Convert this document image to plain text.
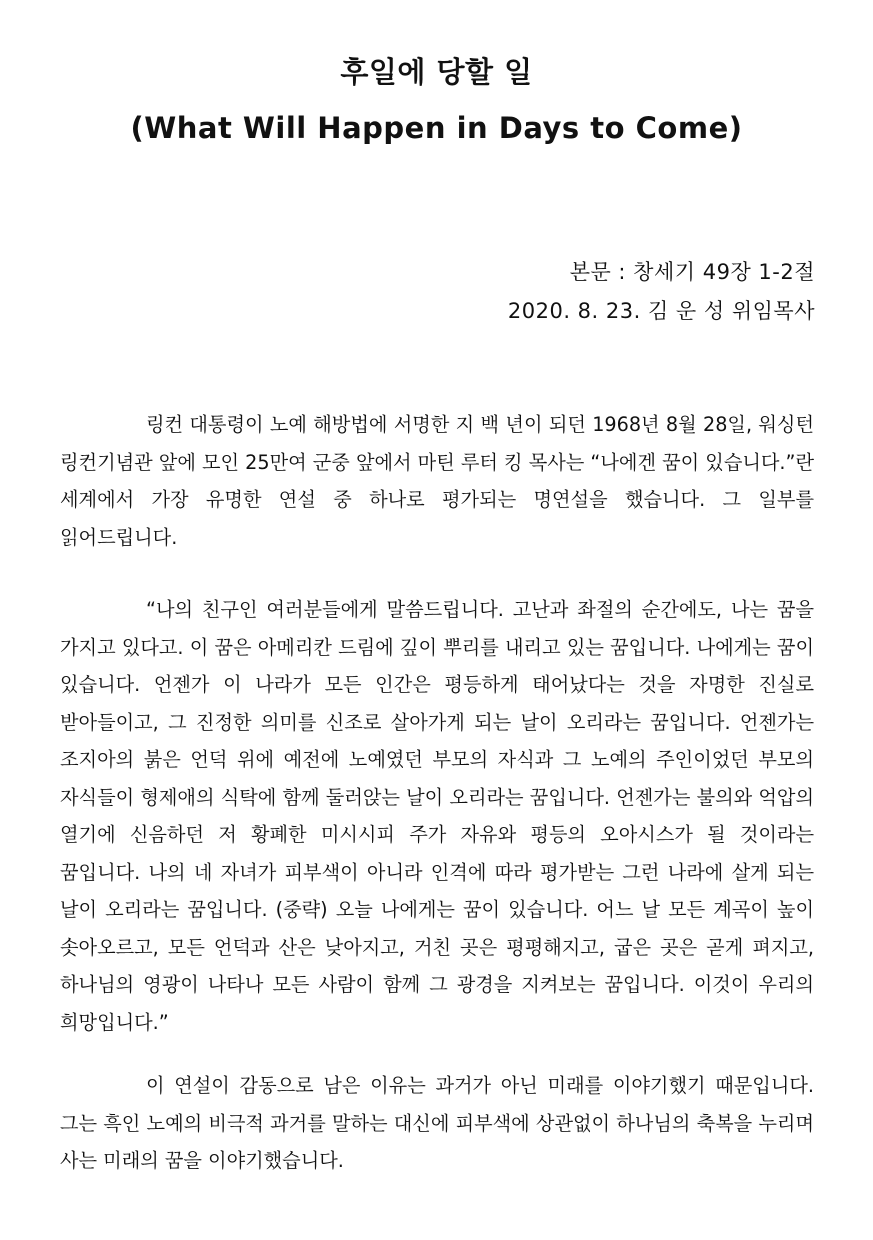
후일에 당할 일
(What Will Happen in Days to Come)
본문 : 창세기 49장 1-2절
2020. 8. 23. 김 운 성 위임목사

링컨 대통령이 노예 해방법에 서명한 지 백 년이 되던 1968년 8월 28일, 워싱턴 링컨기념관 앞에 모인 25만여 군중 앞에서 마틴 루터 킹 목사는 “나에겐 꿈이 있습니다.”란 세계에서 가장 유명한 연설 중 하나로 평가되는 명연설을 했습니다. 그 일부를 읽어드립니다.

“나의 친구인 여러분들에게 말씀드립니다. 고난과 좌절의 순간에도, 나는 꿈을 가지고 있다고. 이 꿈은 아메리칸 드림에 깊이 뿌리를 내리고 있는 꿈입니다. 나에게는 꿈이 있습니다. 언젠가 이 나라가 모든 인간은 평등하게 태어났다는 것을 자명한 진실로 받아들이고, 그 진정한 의미를 신조로 살아가게 되는 날이 오리라는 꿈입니다. 언젠가는 조지아의 붉은 언덕 위에 예전에 노예였던 부모의 자식과 그 노예의 주인이었던 부모의 자식들이 형제애의 식탁에 함께 둘러앉는 날이 오리라는 꿈입니다. 언젠가는 불의와 억압의 열기에 신음하던 저 황폐한 미시시피 주가 자유와 평등의 오아시스가 될 것이라는 꿈입니다. 나의 네 자녀가 피부색이 아니라 인격에 따라 평가받는 그런 나라에 살게 되는 날이 오리라는 꿈입니다. (중략) 오늘 나에게는 꿈이 있습니다. 어느 날 모든 계곡이 높이 솟아오르고, 모든 언덕과 산은 낮아지고, 거친 곳은 평평해지고, 굽은 곳은 곧게 펴지고, 하나님의 영광이 나타나 모든 사람이 함께 그 광경을 지켜보는 꿈입니다. 이것이 우리의 희망입니다.”

이 연설이 감동으로 남은 이유는 과거가 아닌 미래를 이야기했기 때문입니다. 그는 흑인 노예의 비극적 과거를 말하는 대신에 피부색에 상관없이 하나님의 축복을 누리며 사는 미래의 꿈을 이야기했습니다.
